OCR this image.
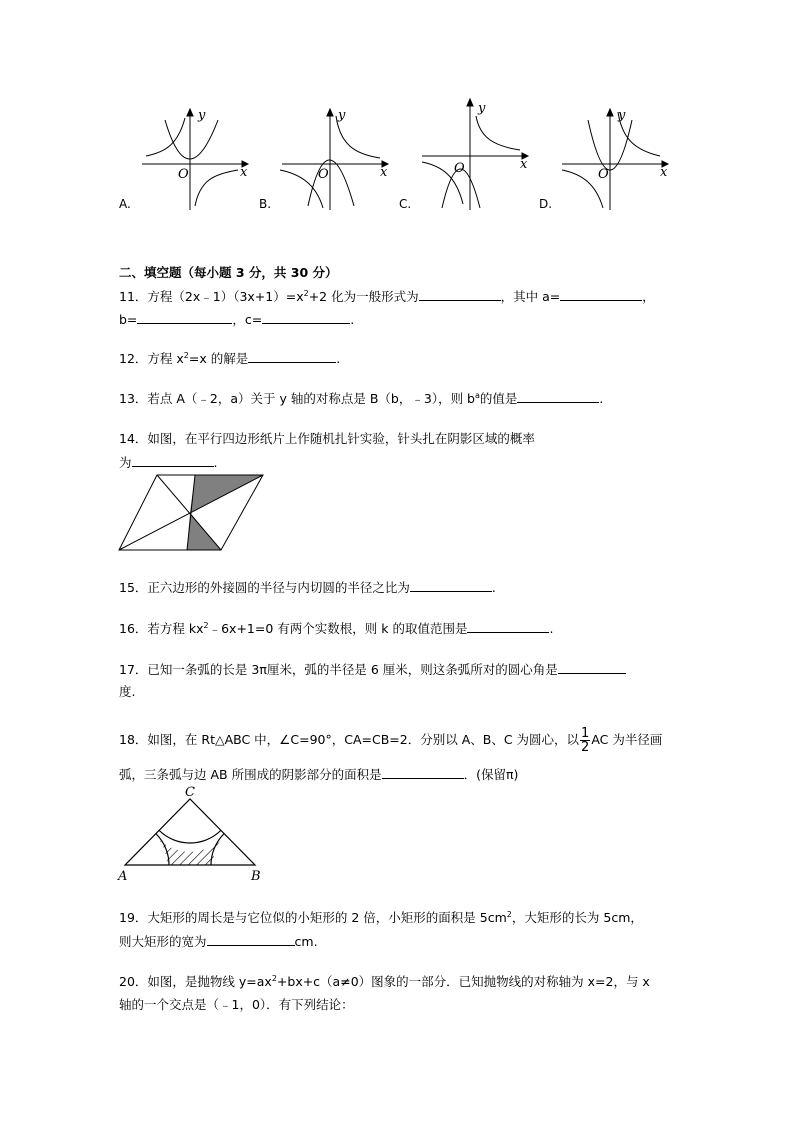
y
x
O
y
x
O
y
x
O
y
x
O
A.	B.	C.	D.
二、填空题（每小题 3 分，共 30 分）
11．方程$(2x﹣1)(3x+1)=x^2+2$ 化为一般形式为	，其中 a=	，
b=	，c=	.
12．方程 $x^2=x$ 的解是	.
13．若点 A（﹣2，a）关于 y 轴的对称点是 B（b，﹣3），则 $b^a$的值是	.
14．如图，在平行四边形纸片上作随机扎针实验，针头扎在阴影区域的概率
为	.
15．正六边形的外接圆的半径与内切圆的半径之比为	.
16．若方程 $kx^2﹣6x+1=0$ 有两个实数根，则 k 的取值范围是	.
17．已知一条弧的长是 3π厘米，弧的半径是 6 厘米，则这条弧所对的圆心角是
度.
18．如图，在 Rt△ABC 中，∠C=90°，CA=CB=2．分别以 A、B、C 为圆心，以 $\frac{1}{2}$ AC 为半径画
弧，三条弧与边 AB 所围成的阴影部分的面积是	．(保留π)
C
A	B
19．大矩形的周长是与它位似的小矩形的 2 倍，小矩形的面积是 $5cm^2$，大矩形的长为 5cm，
则大矩形的宽为	cm.
20．如图，是抛物线 $y=ax^2+bx+c(a\ne 0)$图象的一部分．已知抛物线的对称轴为 x=2，与 x
轴的一个交点是（﹣1，0）．有下列结论：
